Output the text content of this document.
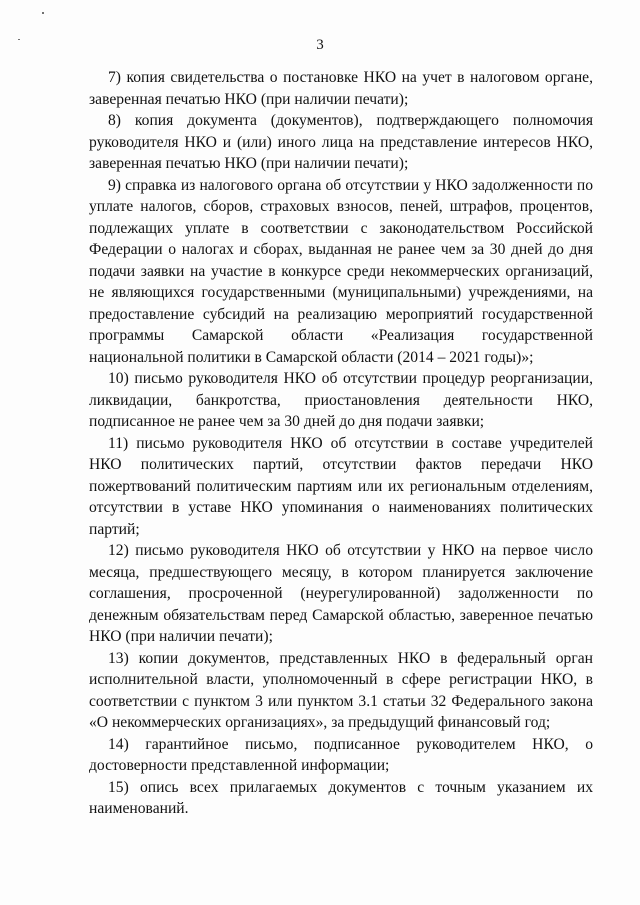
3

7) копия свидетельства о постановке НКО на учет в налоговом органе, заверенная печатью НКО (при наличии печати);

8) копия документа (документов), подтверждающего полномочия руководителя НКО и (или) иного лица на представление интересов НКО, заверенная печатью НКО (при наличии печати);

9) справка из налогового органа об отсутствии у НКО задолженности по уплате налогов, сборов, страховых взносов, пеней, штрафов, процентов, подлежащих уплате в соответствии с законодательством Российской Федерации о налогах и сборах, выданная не ранее чем за 30 дней до дня подачи заявки на участие в конкурсе среди некоммерческих организаций, не являющихся государственными (муниципальными) учреждениями, на предоставление субсидий на реализацию мероприятий государственной программы Самарской области «Реализация государственной национальной политики в Самарской области (2014 – 2021 годы)»;

10) письмо руководителя НКО об отсутствии процедур реорганизации, ликвидации, банкротства, приостановления деятельности НКО, подписанное не ранее чем за 30 дней до дня подачи заявки;

11) письмо руководителя НКО об отсутствии в составе учредителей НКО политических партий, отсутствии фактов передачи НКО пожертвований политическим партиям или их региональным отделениям, отсутствии в уставе НКО упоминания о наименованиях политических партий;

12) письмо руководителя НКО об отсутствии у НКО на первое число месяца, предшествующего месяцу, в котором планируется заключение соглашения, просроченной (неурегулированной) задолженности по денежным обязательствам перед Самарской областью, заверенное печатью НКО (при наличии печати);

13) копии документов, представленных НКО в федеральный орган исполнительной власти, уполномоченный в сфере регистрации НКО, в соответствии с пунктом 3 или пунктом 3.1 статьи 32 Федерального закона «О некоммерческих организациях», за предыдущий финансовый год;

14) гарантийное письмо, подписанное руководителем НКО, о достоверности представленной информации;

15) опись всех прилагаемых документов с точным указанием их наименований.
